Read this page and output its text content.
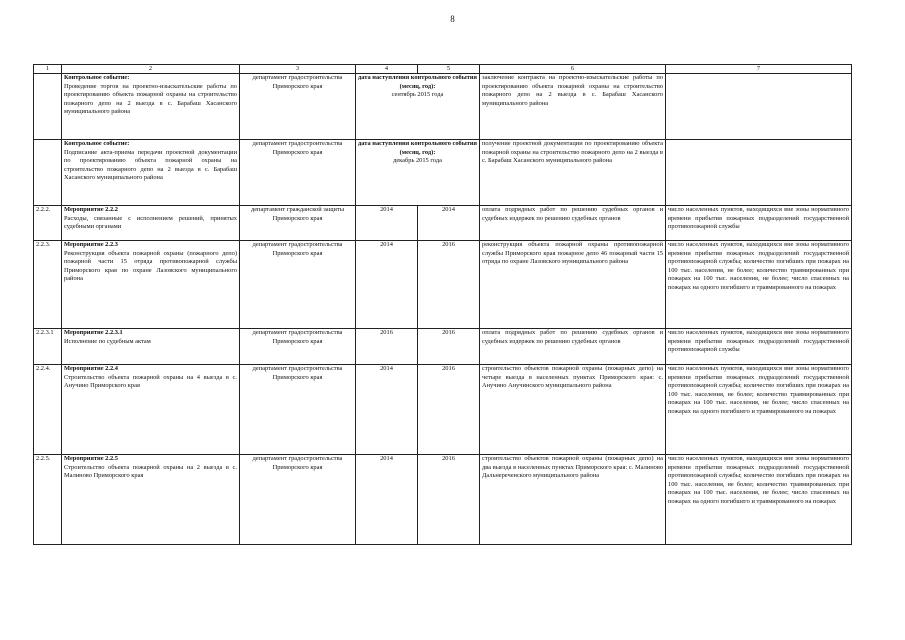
8
1	2	3	4	5	6	7

	Контрольное событие:
Проведение торгов на проектно-изыскательские работы по проектированию объекта пожарной охраны на строительство пожарного депо на 2 выезда в с. Барабаш Хасанского муниципального района	департамент градостроительства Приморского края	дата наступления контрольного события (месяц, год):
сентябрь 2015 года		заключение контракта на проектно-изыскательские работы по проектированию объекта пожарной охраны на строительство пожарного депо на 2 выезда в с. Барабаш Хасанского муниципального района	

	Контрольное событие:
Подписание акта-приема передачи проектной документации по проектированию объекта пожарной охраны на строительство пожарного депо на 2 выезда в с. Барабаш Хасанского муниципального района	департамент градостроительства Приморского края	дата наступления контрольного события (месяц, год):
декабрь 2015 года		получение проектной документации по проектированию объекта пожарной охраны на строительство пожарного депо на 2 выезда в с. Барабаш Хасанского муниципального района	
2.2.2.	Мероприятие 2.2.2
Расходы, связанные с исполнением решений, принятых судебными органами	департамент гражданской защиты Приморского края	2014	2014	оплата подрядных работ по решению судебных органов и судебных издержек по решению судебных органов	число населенных пунктов, находящихся вне зоны нормативного времени прибытия пожарных подразделений государственной противопожарной службы
2.2.3.	Мероприятие 2.2.3
Реконструкция объекта пожарной охраны (пожарного депо) пожарной части 15 отряда противопожарной службы Приморского края по охране Лазовского муниципального района	департамент градостроительства Приморского края	2014	2016	реконструкция объекта пожарной охраны противопожарной службы Приморского края пожарное депо 46 пожарный части 15 отряда по охране Лазовского муниципального района	число населенных пунктов, находящихся вне зоны нормативного времени прибытия пожарных подразделений государственной противопожарной службы; количество погибших при пожарах на 100 тыс. населения, не более; количество травмированных при пожарах на 100 тыс. населения, не более; число спасенных на пожарах на одного погибшего и травмированного на пожарах
2.2.3.1	Мероприятие 2.2.3.1
Исполнение по судебным актам	департамент градостроительства Приморского края	2016	2016	оплата подрядных работ по решению судебных органов и судебных издержек по решению судебных органов	число населенных пунктов, находящихся вне зоны нормативного времени прибытия пожарных подразделений государственной противопожарной службы
2.2.4.	Мероприятие 2.2.4
Строительство объекта пожарной охраны на 4 выезда в с. Анучино Приморского края	департамент градостроительства Приморского края	2014	2016	строительство объектов пожарной охраны (пожарных депо) на четыре выезда в населенных пунктах Приморского края: с. Анучино Анучинского муниципального района	число населенных пунктов, находящихся вне зоны нормативного времени прибытия пожарных подразделений государственной противопожарной службы; количество погибших при пожарах на 100 тыс. населения, не более; количество травмированных при пожарах на 100 тыс. населения, не более; число спасенных на пожарах на одного погибшего и травмированного на пожарах
2.2.5.	Мероприятие 2.2.5
Строительство объекта пожарной охраны на 2 выезда в с. Малиново Приморского края	департамент градостроительства Приморского края	2014	2016	строительство объектов пожарной охраны (пожарных депо) на два выезда в населенных пунктах Приморского края: с. Малиново Дальнереченского муниципального района	число населенных пунктов, находящихся вне зоны нормативного времени прибытия пожарных подразделений государственной противопожарной службы; количество погибших при пожарах на 100 тыс. населения, не более; количество травмированных при пожарах на 100 тыс. населения, не более; число спасенных на пожарах на одного погибшего и травмированного на пожарах
